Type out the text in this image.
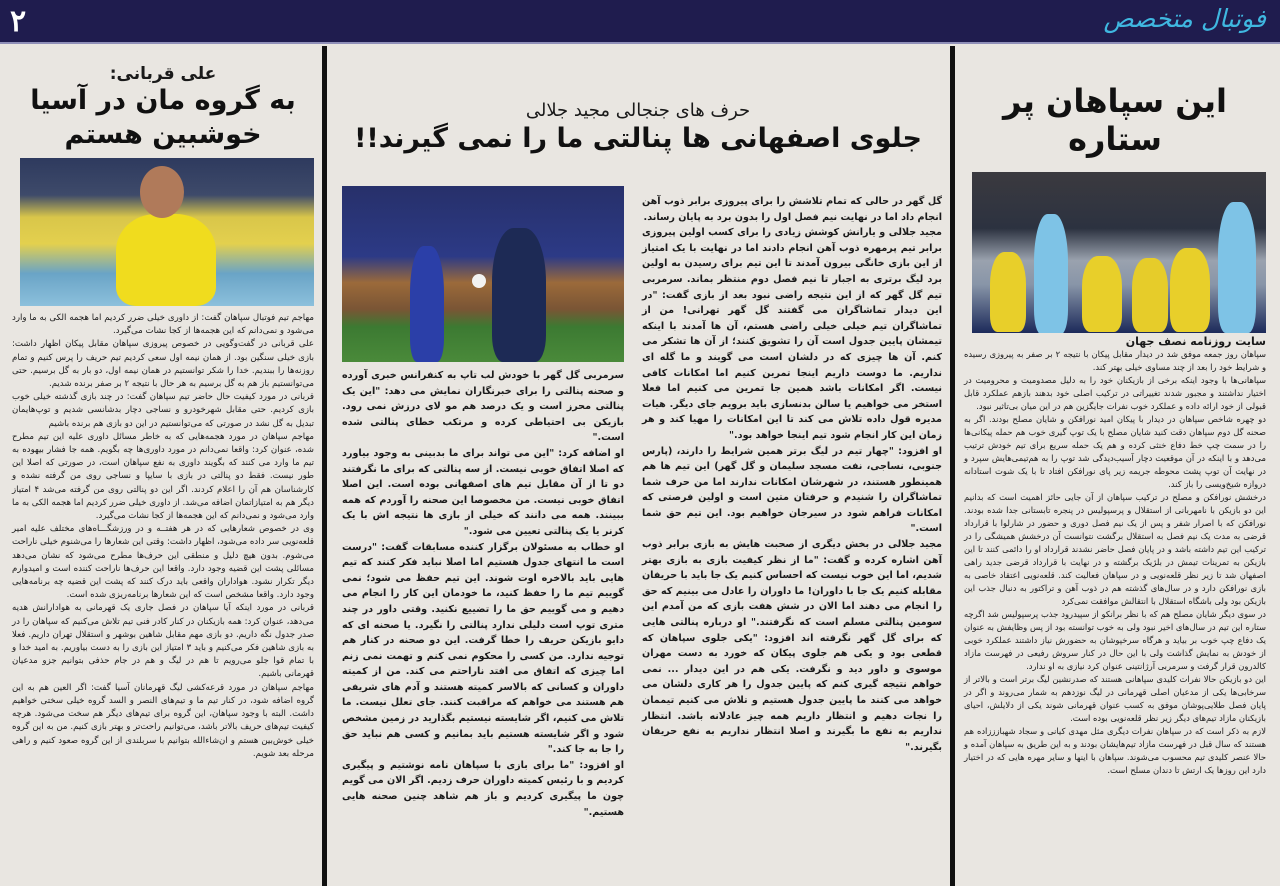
۲	فوتبال متخصص
این سپاهان پر ستاره
سایت روزنامه نصف جهان

سپاهان روز جمعه موفق شد در دیدار مقابل پیکان با نتیجه ۲ بر صفر به پیروزی رسیده و شرایط خود را بعد از چند مساوی خیلی بهتر کند.

سپاهانی‌ها با وجود اینکه برخی از بازیکنان خود را به دلیل مصدومیت و محرومیت در اختیار نداشتند و مجبور شدند تغییراتی در ترکیب اصلی خود بدهند بازهم عملکرد قابل قبولی از خود ارائه داده و عملکرد خوب نفرات جایگزین هم در این میان بی‌تاثیر نبود.

دو چهره شاخص سپاهان در دیدار با پیکان امید نورافکن و شایان مصلح بودند. اگر به صحنه گل دوم سپاهان دقت کنید شایان مصلح با یک توپ گیری خوب هم حمله پیکانی‌ها را در سمت چپ خط دفاع خنثی کرده و هم یک حمله سریع برای تیم خودش ترتیب می‌دهد و با اینکه در آن موقعیت دچار آسیب‌دیدگی شد توپ را به هم‌تیمی‌هایش سپرد و در نهایت آن توپ پشت محوطه جریمه زیر پای نورافکن افتاد تا با یک شوت استادانه دروازه شیخ‌ویسی را باز کند.

درخشش نورافکن و مصلح در ترکیب سپاهان از آن جایی حائز اهمیت است که بدانیم این دو بازیکن با نامهربانی از استقلال و پرسپولیس در پنجره تابستانی جدا شده بودند. نورافکن که با اصرار شفر و پس از یک نیم فصل دوری و حضور در شارلوا با قرارداد قرضی به مدت یک نیم فصل به استقلال برگشت نتوانست آن درخشش همیشگی را در ترکیب این تیم داشته باشد و در پایان فصل حاضر نشدند قرارداد او را دائمی کنند تا این بازیکن به تمرینات تیمش در بلژیک برگشته و در نهایت با قرارداد قرضی جدید راهی اصفهان شد تا زیر نظر قلعه‌نویی و در سپاهان فعالیت کند. قلعه‌نویی اعتقاد خاصی به بازی نورافکن دارد و در سال‌های گذشته هم در ذوب آهن و تراکتور به دنبال جذب این بازیکن بود ولی باشگاه استقلال با انتقالش موافقت نمی‌کرد

در سوی دیگر شایان مصلح هم که با نظر برانکو از سپیدرود جذب پرسپولیس شد اگرچه ستاره این تیم در سال‌های اخیر نبود ولی به خوب توانسته بود از پس وظایفش به عنوان یک دفاع چپ خوب بر بیاید و هرگاه سرخپوشان به حضورش نیاز داشتند عملکرد خوبی از خودش به نمایش گذاشت ولی با این حال در کنار سروش رفیعی در فهرست مازاد کالدرون قرار گرفت و سرمربی آرژانتینی عنوان کرد نیازی به او ندارد.

این دو بازیکن حالا نفرات کلیدی سپاهانی هستند که صدرنشین لیگ برتر است و بالاتر از سرخابی‌ها یکی از مدعیان اصلی قهرمانی در لیگ نوزدهم به شمار می‌روند و اگر در پایان فصل طلایی‌پوشان موفق به کسب عنوان قهرمانی شوند یکی از دلایلش، احیای بازیکنان مازاد تیم‌های دیگر زیر نظر قلعه‌نویی بوده است.

لازم به ذکر است که در سپاهان نفرات دیگری مثل مهدی کیانی و سجاد شهبازززاده هم هستند که سال قبل در فهرست مازاد تیم‌هایشان بودند و به این طریق به سپاهان آمده و حالا عنصر کلیدی تیم محسوب می‌شوند. سپاهان با اینها و سایر مهره هایی که در اختیار دارد این روزها یک ارتش تا دندان مسلح است.

حرف های جنجالی مجید جلالی
جلوی اصفهانی ها پنالتی ما را نمی گیرند!!

گل گهر در حالی که تمام تلاشش را برای پیروزی برابر ذوب آهن انجام داد اما در نهایت نیم فصل اول را بدون برد به پایان رساند.

مجید جلالی و یارانش کوشش زیادی را برای کسب اولین پیروزی برابر تیم پرمهره ذوب آهن انجام دادند اما در نهایت با یک امتیاز از این بازی خانگی بیرون آمدند تا این تیم برای رسیدن به اولین برد لیگ برتری به اجبار تا نیم فصل دوم منتظر بماند. سرمربی تیم گل گهر که از این نتیجه راضی نبود بعد از بازی گفت: "در این دیدار تماشاگران می گفتند گل گهر تهرانی! من از تماشاگران تیم خیلی خیلی راضی هستم، آن ها آمدند با اینکه تیمشان پایین جدول است آن را تشویق کنند؛ از آن ها تشکر می کنم. آن ها چیزی که در دلشان است می گویند و ما گله ای نداریم. ما دوست داریم اینجا تمرین کنیم اما امکانات کافی نیست. اگر امکانات باشد همین جا تمرین می کنیم اما فعلا استخر می خواهیم یا سالن بدنسازی باید برویم جای دیگر. هیات مدیره قول داده تلاش می کند تا این امکانات را مهیا کند و هر زمان این کار انجام شود تیم اینجا خواهد بود."

او افزود: "چهار تیم در لیگ برتر همین شرایط را دارند، (پارس جنوبی، نساجی، نفت مسجد سلیمان و گل گهر) این تیم ها هم همینطور هستند، در شهرشان امکانات ندارند اما من حرف شما تماشاگران را شنیدم و حرفتان متین است و اولین فرصتی که امکانات فراهم شود در سیرجان خواهیم بود. این تیم حق شما است."

مجید جلالی در بخش دیگری از صحبت هایش به بازی برابر ذوب آهن اشاره کرده و گفت: "ما از نظر کیفیت بازی به بازی بهتر شدیم، اما این خوب نیست که احساس کنیم یک جا باید با حریفان مقابله کنیم یک جا با داوران! ما داوران را عادل می بینیم که حق را انجام می دهند اما الان در شش هفت بازی که من آمدم این سومین پنالتی مسلم است که نگرفتند." او درباره پنالتی هایی که برای گل گهر نگرفته اند افزود: "یکی جلوی سپاهان که قطعی بود و یکی هم جلوی پیکان که خورد به دست مهران موسوی و داور دید و نگرفت. یکی هم در این دیدار ... نمی خواهم نتیجه گیری کنم که پایین جدول را هر کاری دلشان می خواهد می کنند ما پایین جدول هستیم و تلاش می کنیم تیممان را نجات دهیم و انتظار داریم همه چیز عادلانه باشد. انتظار نداریم به نفع ما بگیرند و اصلا انتظار نداریم به نفع حریفان بگیرند."

سرمربی گل گهر با خودش لب تاپ به کنفرانس خبری آورده و صحنه پنالتی را برای خبرنگاران نمایش می دهد: "این یک پنالتی محرز است و یک درصد هم مو لای درزش نمی رود. بازیکن بی احتیاطی کرده و مرتکب خطای پنالتی شده است."

او اضافه کرد: "این می تواند برای ما بدبینی به وجود بیاورد که اصلا اتفاق خوبی نیست. از سه پنالتی که برای ما نگرفتند دو تا از آن مقابل تیم های اصفهانی بوده است. این اصلا اتفاق خوبی نیست. من مخصوصا این صحنه را آوردم که همه ببینند. همه می دانند که خیلی از بازی ها نتیجه اش با یک کرنر یا یک پنالتی تعیین می شود."

او خطاب به مسئولان برگزار کننده مسابقات گفت: "درست است ما انتهای جدول هستیم اما اصلا نباید فکر کنند که تیم هایی باید بالاخره اوت شوند. این تیم حفظ می شود؛ نمی گوییم تیم ما را حفظ کنید، ما خودمان این کار را انجام می دهیم و می گوییم حق ما را تضییع نکنید. وقتی داور در چند متری توپ است دلیلی ندارد پنالتی را نگیرد. یا صحنه ای که دایو بازیکن حریف را خطا گرفت. این دو صحنه در کنار هم توجیه ندارد. من کسی را محکوم نمی کنم و تهمت نمی زنم اما چیزی که اتفاق می افتد ناراحتم می کند. من از کمیته داوران و کسانی که بالاسر کمیته هستند و آدم های شریفی هم هستند می خواهم که مراقبت کنند. جای تعلل نیست. ما تلاش می کنیم، اگر شایسته نیستیم بگذارید در زمین مشخص شود و اگر شایسته هستیم باید بمانیم و کسی هم نباید حق را جا به جا کند."

او افزود: "ما برای بازی با سپاهان نامه نوشتیم و پیگیری کردیم و با رئیس کمیته داوران حرف زدیم. اگر الان می گویم چون ما پیگیری کردیم و باز هم شاهد چنین صحنه هایی هستیم."

علی قربانی:
به گروه مان در آسیا
خوشبین هستم

مهاجم تیم فوتبال سپاهان گفت: از داوری خیلی ضرر کردیم اما هجمه الکی به ما وارد می‌شود و نمی‌دانم که این هجمه‌ها از کجا نشات می‌گیرد.

علی قربانی در گفت‌وگویی در خصوص پیروزی سپاهان مقابل پیکان اظهار داشت: بازی خیلی سنگین بود. از همان نیمه اول سعی کردیم تیم حریف را پرس کنیم و تمام روزنه‌ها را ببندیم. خدا را شکر توانستیم در همان نیمه اول، دو بار به گل برسیم. حتی می‌توانستیم باز هم به گل برسیم به هر حال با نتیجه ۲ بر صفر برنده شدیم.

قربانی در مورد کیفیت حال حاضر تیم سپاهان گفت: در چند بازی گذشته خیلی خوب بازی کردیم. حتی مقابل شهرخودرو و نساجی دچار بدشانسی شدیم و توپ‌هایمان تبدیل به گل نشد در صورتی که می‌توانستیم در این دو بازی هم برنده باشیم

مهاجم سپاهان در مورد هجمه‌هایی که به خاطر مسائل داوری علیه این تیم مطرح شده، عنوان کرد: واقعا نمی‌دانم در مورد داوری‌ها چه بگویم. همه جا فشار بیهوده به تیم ما وارد می کنند که بگویند داوری به نفع سپاهان است، در صورتی که اصلا این طور نیست. فقط دو پنالتی در بازی با سایپا و نساجی روی من گرفته نشده و کارشناسان هم آن را اعلام کردند. اگر این دو پنالتی روی من گرفته می‌شد ۴ امتیاز دیگر هم به امتیازاتمان اضافه می‌شد. از داوری خیلی ضرر کردیم اما هجمه الکی به ما وارد می‌شود و نمی‌دانم که این هجمه‌ها از کجا نشات می‌گیرد.

وی در خصوص شعارهایی که در هر هفتــه و در ورزشگـــاه‌های مختلف علیه امیر قلعه‌نویی سر داده می‌شود، اظهار داشت: وقتی این شعارها را می‌شنوم خیلی ناراحت می‌شوم. بدون هیچ دلیل و منطقی این حرف‌ها مطرح می‌شود که نشان می‌دهد مسائلی پشت این قضیه وجود دارد. واقعا این حرف‌ها ناراحت کننده است و امیدوارم دیگر تکرار نشود. هواداران واقعی باید درک کنند که پشت این قضیه چه برنامه‌هایی وجود دارد. واقعا مشخص است که این شعارها برنامه‌ریزی شده است.

قربانی در مورد اینکه آیا سپاهان در فصل جاری یک قهرمانی به هوادارانش هدیه می‌دهد، عنوان کرد: همه بازیکنان در کنار کادر فنی تیم تلاش می‌کنیم که سپاهان را در صدر جدول نگه داریم. دو بازی مهم مقابل شاهین بوشهر و استقلال تهران داریم. فعلا به بازی شاهین فکر می‌کنیم و باید ۳ امتیاز این بازی را به دست بیاوریم. به امید خدا و با تمام قوا جلو می‌رویم تا هم در لیگ و هم در جام حذفی بتوانیم جزو مدعیان قهرمانی باشیم.

مهاجم سپاهان در مورد قرعه‌کشی لیگ قهرمانان آسیا گفت: اگر العین هم به این گروه اضافه شود، در کنار تیم ما و تیم‌های النصر و السد گروه خیلی سختی خواهیم داشت. البته با وجود سپاهان، این گروه برای تیم‌های دیگر هم سخت می‌شود. هرچه کیفیت تیم‌های حریف بالاتر باشد، می‌توانیم راحت‌تر و بهتر بازی کنیم. من به این گروه خیلی خوش‌بین هستم و ان‌شاءالله بتوانیم با سربلندی از این گروه صعود کنیم و راهی مرحله بعد شویم.
